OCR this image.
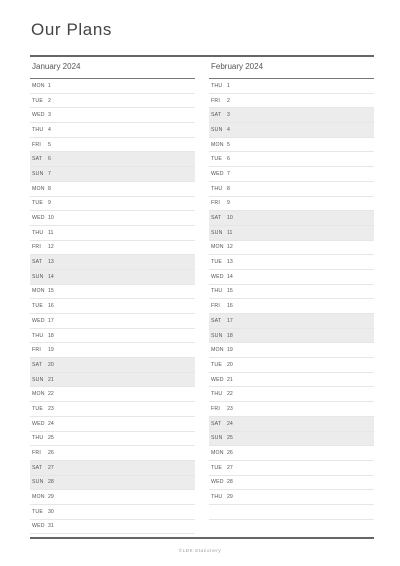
Our Plans
January 2024
MON 1
TUE 2
WED 3
THU 4
FRI	5
SAT	6
SUN 7
MON 8
TUE 9
WED 10
THU 11
FRI	12
SAT	13
SUN 14
MON 15
TUE 16
WED 17
THU 18
FRI	19
SAT	20
SUN 21
MON 22
TUE 23
WED 24
THU 25
FRI	26
SAT	27
SUN 28
MON 29
TUE 30
WED 31
February 2024
THU 1
FRI	2
SAT	3
SUN 4
MON 5
TUE 6
WED 7
THU 8
FRI	9
SAT	10
SUN 11
MON 12
TUE 13
WED 14
THU 15
FRI	16
SAT	17
SUN 18
MON 19
TUE 20
WED 21
THU 22
FRI	23
SAT	24
SUN 25
MON 26
TUE 27
WED 28
THU 29
©LDK Stationery
